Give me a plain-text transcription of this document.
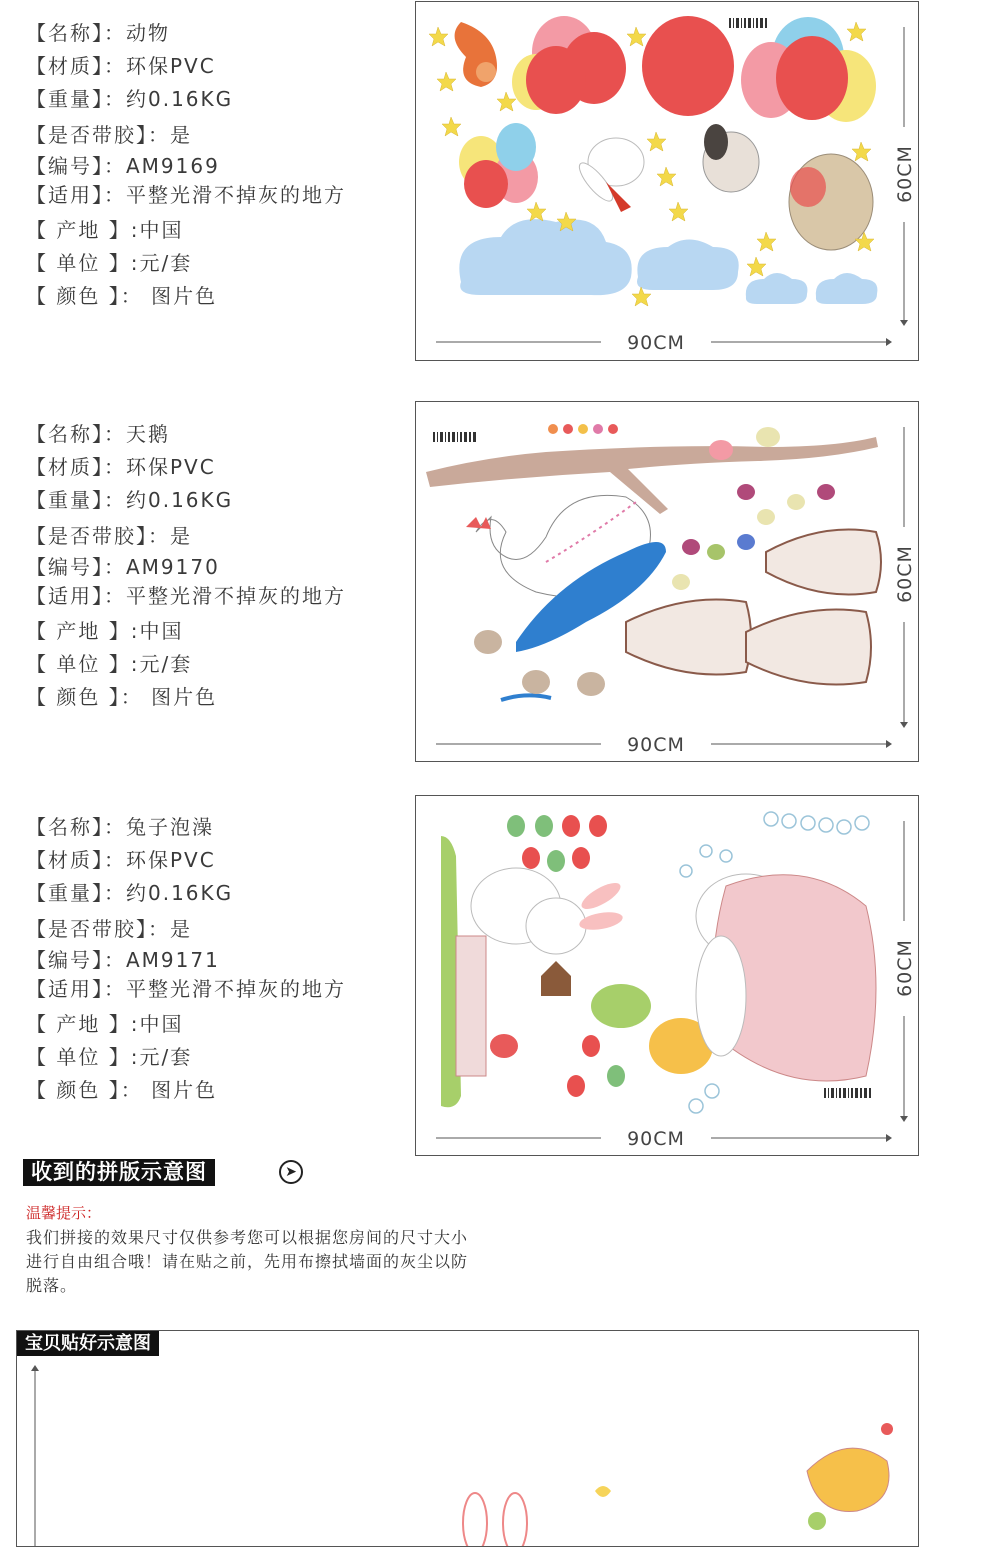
【名称】：动物
【材质】：环保PVC
【重量】：约0.16KG
【是否带胶】：是
【编号】：AM9169
【适用】：平整光滑不掉灰的地方
【 产地 】:中国
【 单位 】:元/套
【 颜色 】： 图片色
90CM
60CM
【名称】：天鹅
【材质】：环保PVC
【重量】：约0.16KG
【是否带胶】：是
【编号】：AM9170
【适用】：平整光滑不掉灰的地方
【 产地 】:中国
【 单位 】:元/套
【 颜色 】： 图片色
90CM
60CM
【名称】：兔子泡澡
【材质】：环保PVC
【重量】：约0.16KG
【是否带胶】：是
【编号】：AM9171
【适用】：平整光滑不掉灰的地方
【 产地 】:中国
【 单位 】:元/套
【 颜色 】： 图片色
90CM
60CM
收到的拼版示意图	➤
温馨提示：
我们拼接的效果尺寸仅供参考您可以根据您房间的尺寸大小进行自由组合哦！请在贴之前，先用布擦拭墙面的灰尘以防脱落。
宝贝贴好示意图
